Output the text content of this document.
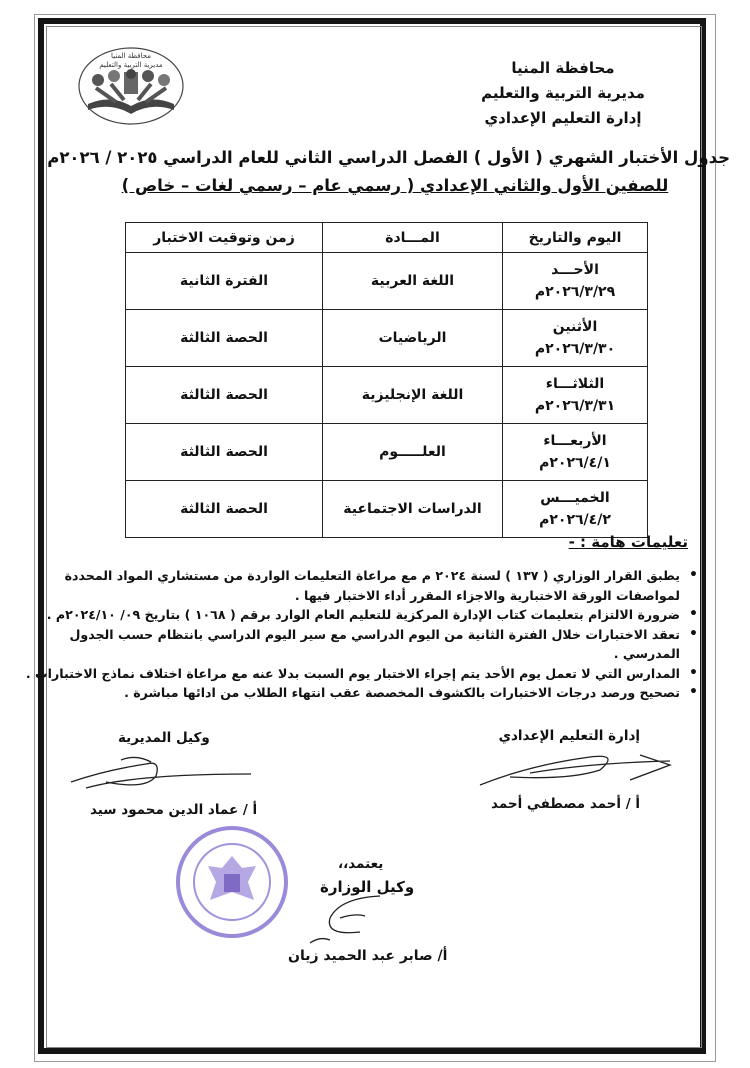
محافظة المنيا
مديرية التربية والتعليم	محافظة المنيا
مديرية التربية والتعليم
إدارة التعليم الإعدادي
جدول الأختبار الشهري ( الأول ) الفصل الدراسي الثاني للعام الدراسي ٢٠٢٥ / ٢٠٢٦م
للصفين الأول والثاني الإعدادي ( رسمي عام – رسمي لغات – خاص )
اليوم والتاريخ	المـــادة	زمن وتوقيت الاختبار

الأحـــد
٢٠٢٦/٣/٢٩م	اللغة العربية	الفترة الثانية

الأثنين
٢٠٢٦/٣/٣٠م	الرياضيات	الحصة الثالثة

الثلاثـــاء
٢٠٢٦/٣/٣١م	اللغة الإنجليزية	الحصة الثالثة

الأربعـــاء
٢٠٢٦/٤/١م	العلـــــوم	الحصة الثالثة

الخميـــس
٢٠٢٦/٤/٢م	الدراسات الاجتماعية	الحصة الثالثة
تعليمات هامة : -
• يطبق القرار الوزاري ( ١٣٧ ) لسنة ٢٠٢٤ م مع مراعاة التعليمات الواردة من مستشاري المواد المحددة لمواصفات الورقة الاختبارية والاجزاء المقرر أداء الاختبار فيها .
• ضرورة الالتزام بتعليمات كتاب الإدارة المركزية للتعليم العام الوارد برقم ( ١٠٦٨ ) بتاريخ ٠٩/ ٢٠٢٤/١٠م .
• تعقد الاختبارات خلال الفترة الثانية من اليوم الدراسي مع سير اليوم الدراسي بانتظام حسب الجدول المدرسي .
• المدارس التي لا تعمل يوم الأحد يتم إجراء الاختبار يوم السبت بدلا عنه مع مراعاة اختلاف نماذج الاختبارات .
• تصحيح ورصد درجات الاختبارات بالكشوف المخصصة عقب انتهاء الطلاب من ادائها مباشرة .
إدارة التعليم الإعدادي
أ / أحمد مصطفي أحمد
وكيل المديرية
أ / عماد الدين محمود سيد
يعتمد،،
وكيل الوزارة
أ/ صابر عبد الحميد زيان
